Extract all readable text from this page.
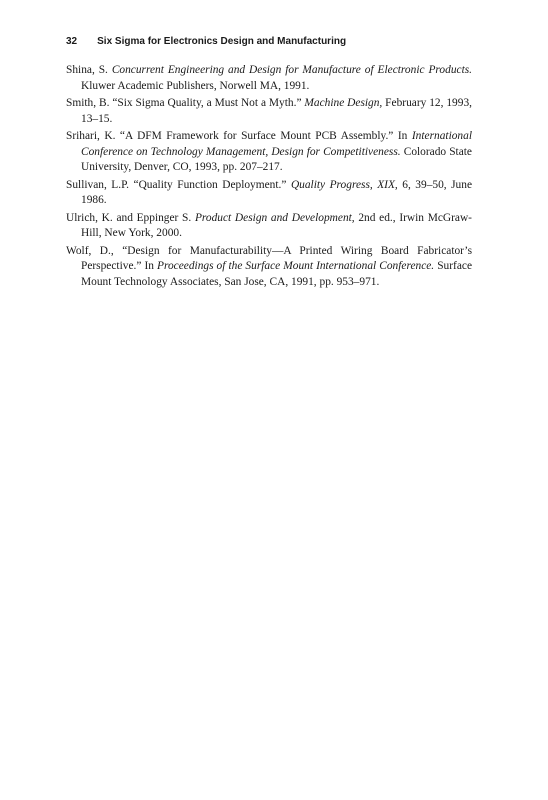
32 Six Sigma for Electronics Design and Manufacturing

Shina, S. Concurrent Engineering and Design for Manufacture of Electronic Products. Kluwer Academic Publishers, Norwell MA, 1991.

Smith, B. “Six Sigma Quality, a Must Not a Myth.” Machine Design, February 12, 1993, 13–15.

Srihari, K. “A DFM Framework for Surface Mount PCB Assembly.” In International Conference on Technology Management, Design for Competitiveness. Colorado State University, Denver, CO, 1993, pp. 207–217.

Sullivan, L.P. “Quality Function Deployment.” Quality Progress, XIX, 6, 39–50, June 1986.

Ulrich, K. and Eppinger S. Product Design and Development, 2nd ed., Irwin McGraw-Hill, New York, 2000.

Wolf, D., “Design for Manufacturability—A Printed Wiring Board Fabricator’s Perspective.” In Proceedings of the Surface Mount International Conference. Surface Mount Technology Associates, San Jose, CA, 1991, pp. 953–971.
